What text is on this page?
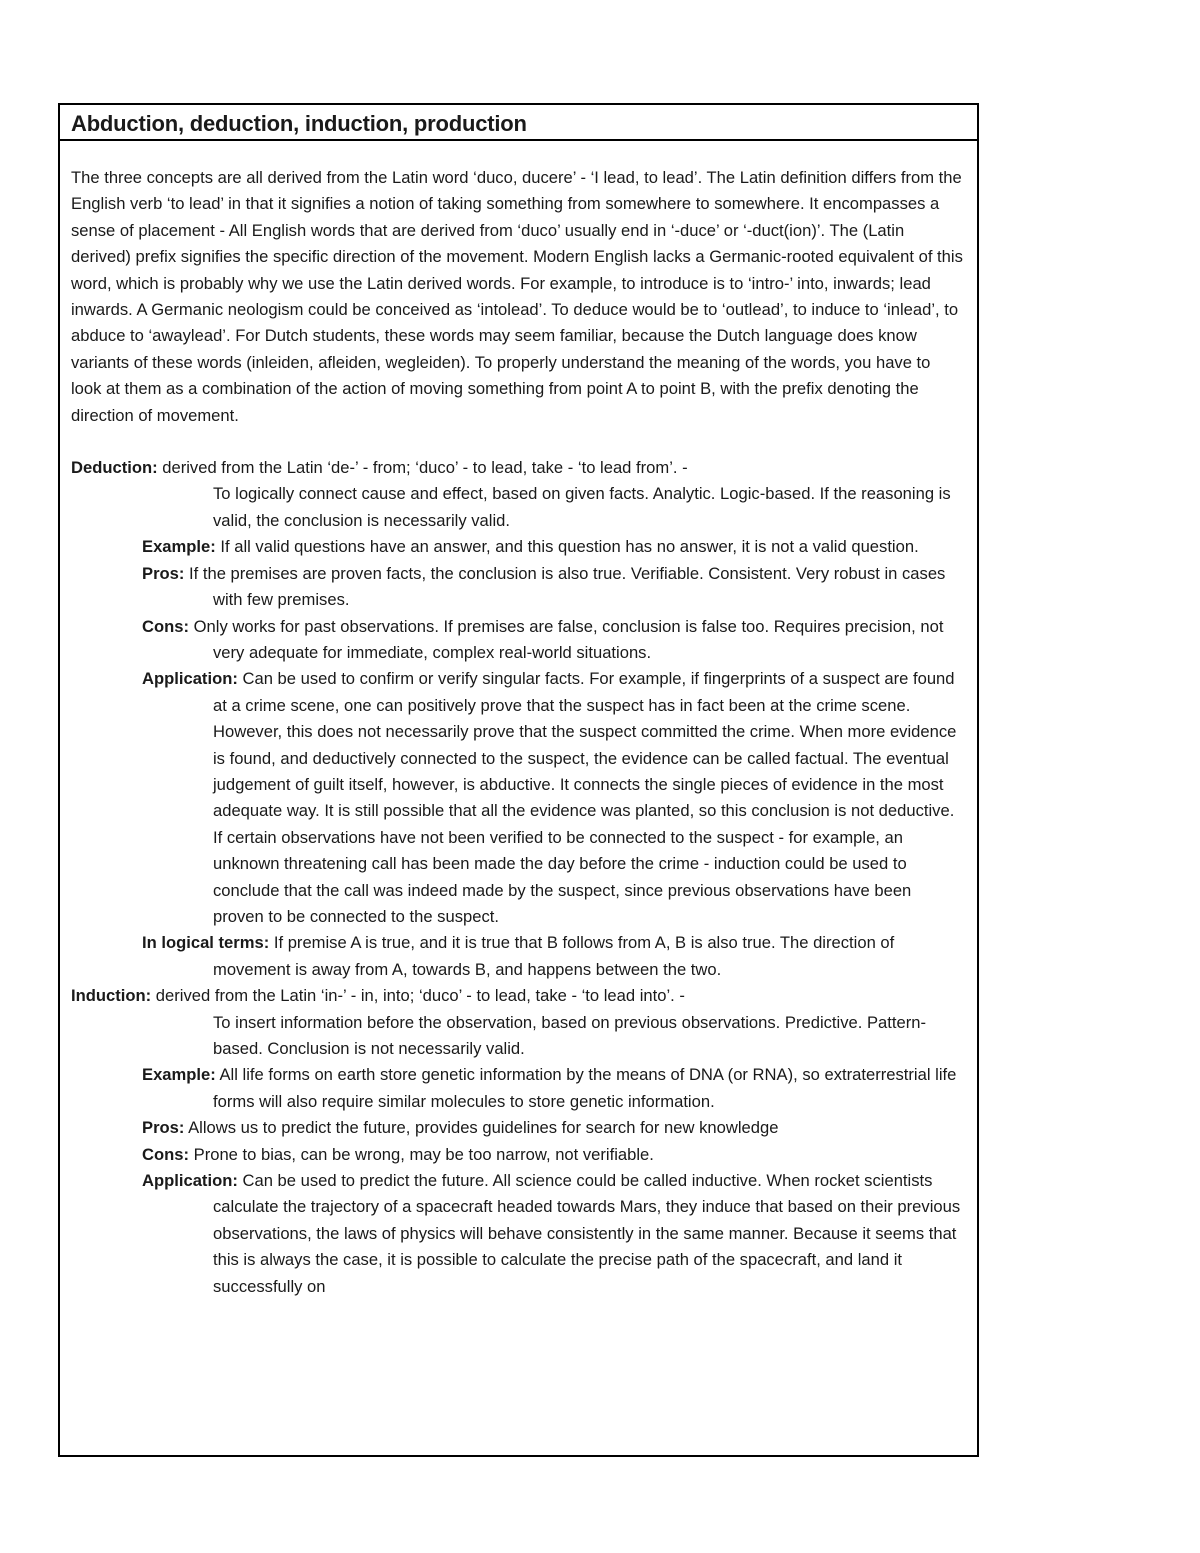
Abduction, deduction, induction, production

The three concepts are all derived from the Latin word ‘duco, ducere’ - ‘I lead, to lead’. The Latin definition differs from the English verb ‘to lead’ in that it signifies a notion of taking something from somewhere to somewhere. It encompasses a sense of placement - All English words that are derived from ‘duco’ usually end in ‘-duce’ or ‘-duct(ion)’. The (Latin derived) prefix signifies the specific direction of the movement. Modern English lacks a Germanic-rooted equivalent of this word, which is probably why we use the Latin derived words. For example, to introduce is to ‘intro-’ into, inwards; lead inwards. A Germanic neologism could be conceived as ‘intolead’. To deduce would be to ‘outlead’, to induce to ‘inlead’, to abduce to ‘awaylead’. For Dutch students, these words may seem familiar, because the Dutch language does know variants of these words (inleiden, afleiden, wegleiden). To properly understand the meaning of the words, you have to look at them as a combination of the action of moving something from point A to point B, with the prefix denoting the direction of movement.

Deduction: derived from the Latin ‘de-’ - from; ‘duco’ - to lead, take - ‘to lead from’. -

To logically connect cause and effect, based on given facts. Analytic. Logic-based. If the reasoning is valid, the conclusion is necessarily valid.

Example: If all valid questions have an answer, and this question has no answer, it is not a valid question.

Pros: If the premises are proven facts, the conclusion is also true. Verifiable. Consistent. Very robust in cases with few premises.

Cons: Only works for past observations. If premises are false, conclusion is false too. Requires precision, not very adequate for immediate, complex real-world situations.

Application: Can be used to confirm or verify singular facts. For example, if fingerprints of a suspect are found at a crime scene, one can positively prove that the suspect has in fact been at the crime scene. However, this does not necessarily prove that the suspect committed the crime. When more evidence is found, and deductively connected to the suspect, the evidence can be called factual. The eventual judgement of guilt itself, however, is abductive. It connects the single pieces of evidence in the most adequate way. It is still possible that all the evidence was planted, so this conclusion is not deductive. If certain observations have not been verified to be connected to the suspect - for example, an unknown threatening call has been made the day before the crime - induction could be used to conclude that the call was indeed made by the suspect, since previous observations have been proven to be connected to the suspect.

In logical terms: If premise A is true, and it is true that B follows from A, B is also true. The direction of movement is away from A, towards B, and happens between the two.

Induction: derived from the Latin ‘in-’ - in, into; ‘duco’ - to lead, take - ‘to lead into’. -

To insert information before the observation, based on previous observations. Predictive. Pattern-based. Conclusion is not necessarily valid.

Example: All life forms on earth store genetic information by the means of DNA (or RNA), so extraterrestrial life forms will also require similar molecules to store genetic information.

Pros: Allows us to predict the future, provides guidelines for search for new knowledge

Cons: Prone to bias, can be wrong, may be too narrow, not verifiable.

Application: Can be used to predict the future. All science could be called inductive. When rocket scientists calculate the trajectory of a spacecraft headed towards Mars, they induce that based on their previous observations, the laws of physics will behave consistently in the same manner. Because it seems that this is always the case, it is possible to calculate the precise path of the spacecraft, and land it successfully on
